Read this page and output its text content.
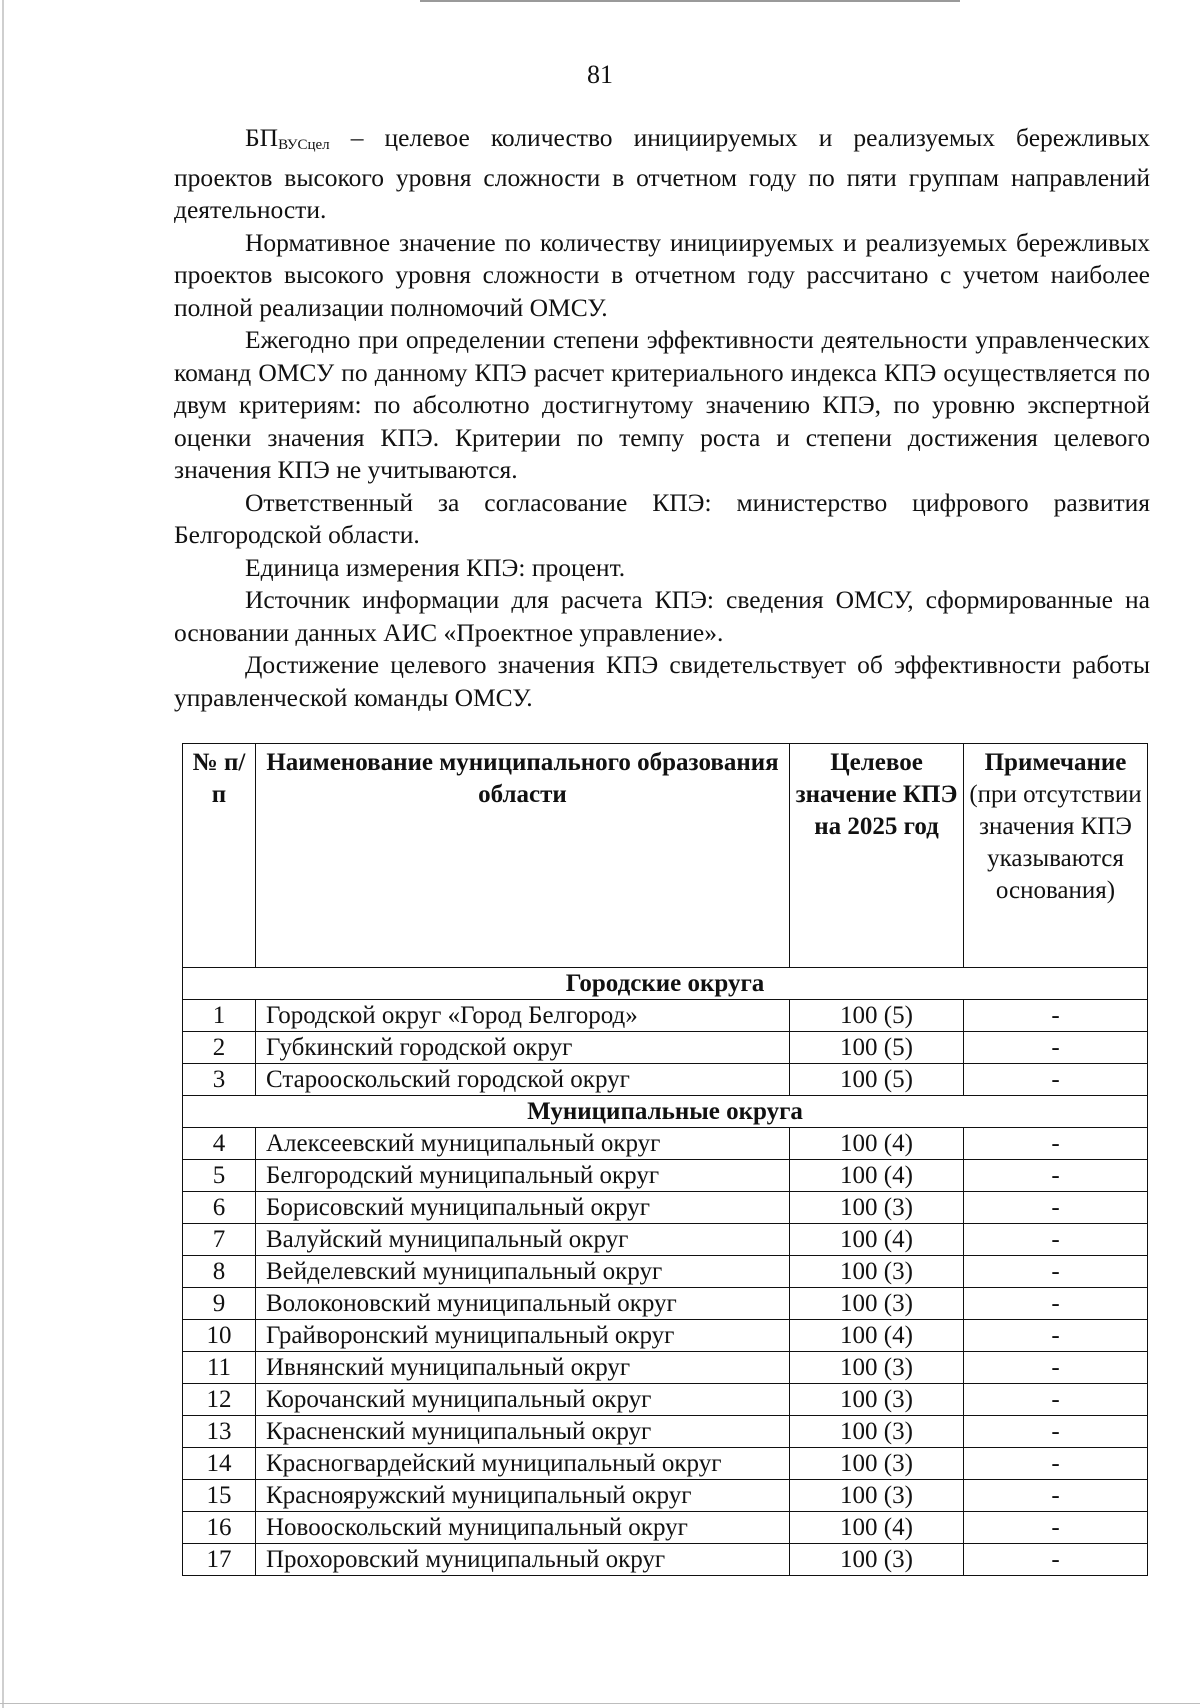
81

$БП_{ВУСцел}$ – целевое количество инициируемых и реализуемых бережливых проектов высокого уровня сложности в отчетном году по пяти группам направлений деятельности.

Нормативное значение по количеству инициируемых и реализуемых бережливых проектов высокого уровня сложности в отчетном году рассчитано с учетом наиболее полной реализации полномочий ОМСУ.

Ежегодно при определении степени эффективности деятельности управленческих команд ОМСУ по данному КПЭ расчет критериального индекса КПЭ осуществляется по двум критериям: по абсолютно достигнутому значению КПЭ, по уровню экспертной оценки значения КПЭ. Критерии по темпу роста и степени достижения целевого значения КПЭ не учитываются.

Ответственный за согласование КПЭ: министерство цифрового развития Белгородской области.

Единица измерения КПЭ: процент.

Источник информации для расчета КПЭ: сведения ОМСУ, сформированные на основании данных АИС «Проектное управление».

Достижение целевого значения КПЭ свидетельствует об эффективности работы управленческой команды ОМСУ.

№ п/п	Наименование муниципального образования области	Целевое значение КПЭ на 2025 год	Примечание (при отсутствии значения КПЭ указываются основания)
Городские округа			
1	Городской округ «Город Белгород»	100 (5)	-
2	Губкинский городской округ	100 (5)	-
3	Старооскольский городской округ	100 (5)	-
Муниципальные округа			
4	Алексеевский муниципальный округ	100 (4)	-
5	Белгородский муниципальный округ	100 (4)	-
6	Борисовский муниципальный округ	100 (3)	-
7	Валуйский муниципальный округ	100 (4)	-
8	Вейделевский муниципальный округ	100 (3)	-
9	Волоконовский муниципальный округ	100 (3)	-
10	Грайворонский муниципальный округ	100 (4)	-
11	Ивнянский муниципальный округ	100 (3)	-
12	Корочанский муниципальный округ	100 (3)	-
13	Красненский муниципальный округ	100 (3)	-
14	Красногвардейский муниципальный округ	100 (3)	-
15	Краснояружский муниципальный округ	100 (3)	-
16	Новооскольский муниципальный округ	100 (4)	-
17	Прохоровский муниципальный округ	100 (3)	-
